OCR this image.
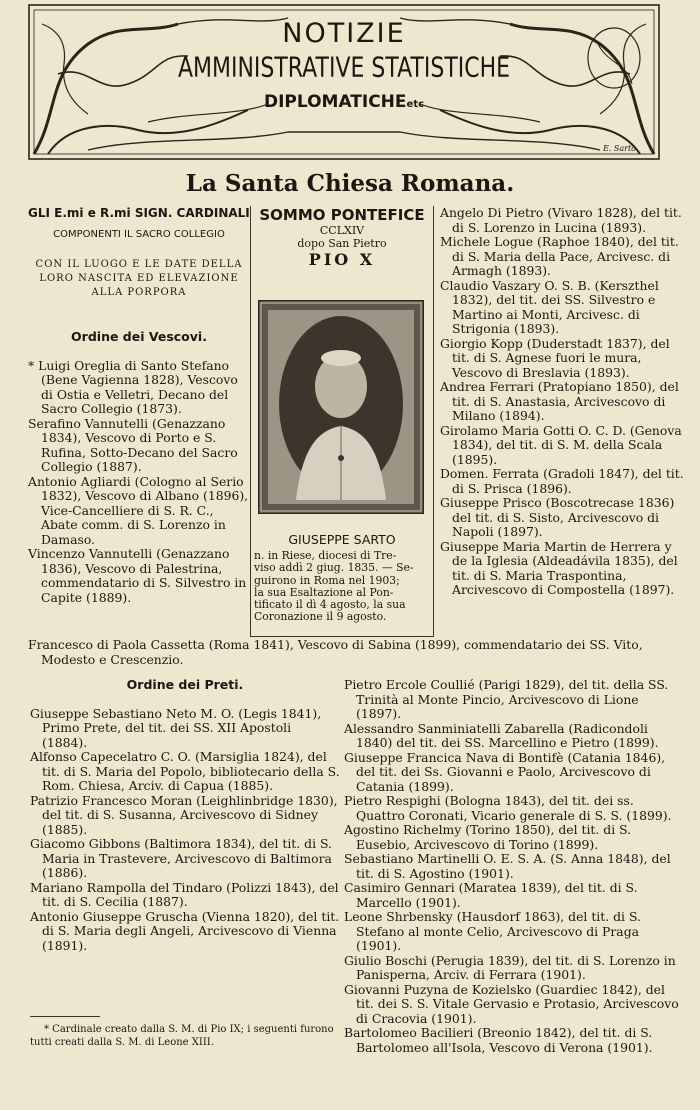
NOTIZIE
AMMINISTRATIVE STATISTICHE
DIPLOMATICHEetc
E. Sarto
La Santa Chiesa Romana.
GLI E.mi e R.mi SIGN. CARDINALI
COMPONENTI IL SACRO COLLEGIO
CON IL LUOGO E LE DATE DELLA
LORO NASCITA ED ELEVAZIONE
ALLA PORPORA
Ordine dei Vescovi.

* Luigi Oreglia di Santo Stefano (Bene Vagienna 1828), Vescovo di Ostia e Velletri, Decano del Sacro Collegio (1873).

Serafino Vannutelli (Genazzano 1834), Vescovo di Porto e S. Rufina, Sotto-Decano del Sacro Collegio (1887).

Antonio Agliardi (Cologno al Serio 1832), Vescovo di Albano (1896), Vice-Cancelliere di S. R. C., Abate comm. di S. Lorenzo in Damaso.

Vincenzo Vannutelli (Genazzano 1836), Vescovo di Palestrina, commendatario di S. Silvestro in Capite (1889).

SOMMO PONTEFICE
CCLXIV
dopo San Pietro
PIO X
GIUSEPPE SARTO

n. in Riese, diocesi di Tre-

viso addì 2 giug. 1835. — Se-

guirono in Roma nel 1903;

la sua Esaltazione al Pon-

tificato il dì 4 agosto, la sua

Coronazione il 9 agosto.

Angelo Di Pietro (Vivaro 1828), del tit. di S. Lorenzo in Lucina (1893).

Michele Logue (Raphoe 1840), del tit. di S. Maria della Pace, Arcivesc. di Armagh (1893).

Claudio Vaszary O. S. B. (Kerszthel 1832), del tit. dei SS. Silvestro e Martino ai Monti, Arcivesc. di Strigonia (1893).

Giorgio Kopp (Duderstadt 1837), del tit. di S. Agnese fuori le mura, Vescovo di Breslavia (1893).

Andrea Ferrari (Pratopiano 1850), del tit. di S. Anastasia, Arcivescovo di Milano (1894).

Girolamo Maria Gotti O. C. D. (Genova 1834), del tit. di S. M. della Scala (1895).

Domen. Ferrata (Gradoli 1847), del tit. di S. Prisca (1896).

Giuseppe Prisco (Boscotrecase 1836) del tit. di S. Sisto, Arcivescovo di Napoli (1897).

Giuseppe Maria Martin de Herrera y de la Iglesia (Aldeadávila 1835), del tit. di S. Maria Traspontina, Arcivescovo di Compostella (1897).

Francesco di Paola Cassetta (Roma 1841), Vescovo di Sabina (1899), commendatario dei SS. Vito, Modesto e Crescenzio.

Ordine dei Preti.

Giuseppe Sebastiano Neto M. O. (Legis 1841), Primo Prete, del tit. dei SS. XII Apostoli (1884).

Alfonso Capecelatro C. O. (Marsiglia 1824), del tit. di S. Maria del Popolo, bibliotecario della S. Rom. Chiesa, Arciv. di Capua (1885).

Patrizio Francesco Moran (Leighlinbridge 1830), del tit. di S. Susanna, Arcivescovo di Sidney (1885).

Giacomo Gibbons (Baltimora 1834), del tit. di S. Maria in Trastevere, Arcivescovo di Baltimora (1886).

Mariano Rampolla del Tindaro (Polizzi 1843), del tit. di S. Cecilia (1887).

Antonio Giuseppe Gruscha (Vienna 1820), del tit. di S. Maria degli Angeli, Arcivescovo di Vienna (1891).

* Cardinale creato dalla S. M. di Pio IX; i seguenti furono tutti creati dalla S. M. di Leone XIII.

Pietro Ercole Coullié (Parigi 1829), del tit. della SS. Trinità al Monte Pincio, Arcivescovo di Lione (1897).

Alessandro Sanminiatelli Zabarella (Radicondoli 1840) del tit. dei SS. Marcellino e Pietro (1899).

Giuseppe Francica Nava di Bontifè (Catania 1846), del tit. dei Ss. Giovanni e Paolo, Arcivescovo di Catania (1899).

Pietro Respighi (Bologna 1843), del tit. dei ss. Quattro Coronati, Vicario generale di S. S. (1899).

Agostino Richelmy (Torino 1850), del tit. di S. Eusebio, Arcivescovo di Torino (1899).

Sebastiano Martinelli O. E. S. A. (S. Anna 1848), del tit. di S. Agostino (1901).

Casimiro Gennari (Maratea 1839), del tit. di S. Marcello (1901).

Leone Shrbensky (Hausdorf 1863), del tit. di S. Stefano al monte Celio, Arcivescovo di Praga (1901).

Giulio Boschi (Perugia 1839), del tit. di S. Lorenzo in Panisperna, Arciv. di Ferrara (1901).

Giovanni Puzyna de Kozielsko (Guardiec 1842), del tit. dei S. S. Vitale Gervasio e Protasio, Arcivescovo di Cracovia (1901).

Bartolomeo Bacilieri (Breonio 1842), del tit. di S. Bartolomeo all'Isola, Vescovo di Verona (1901).
